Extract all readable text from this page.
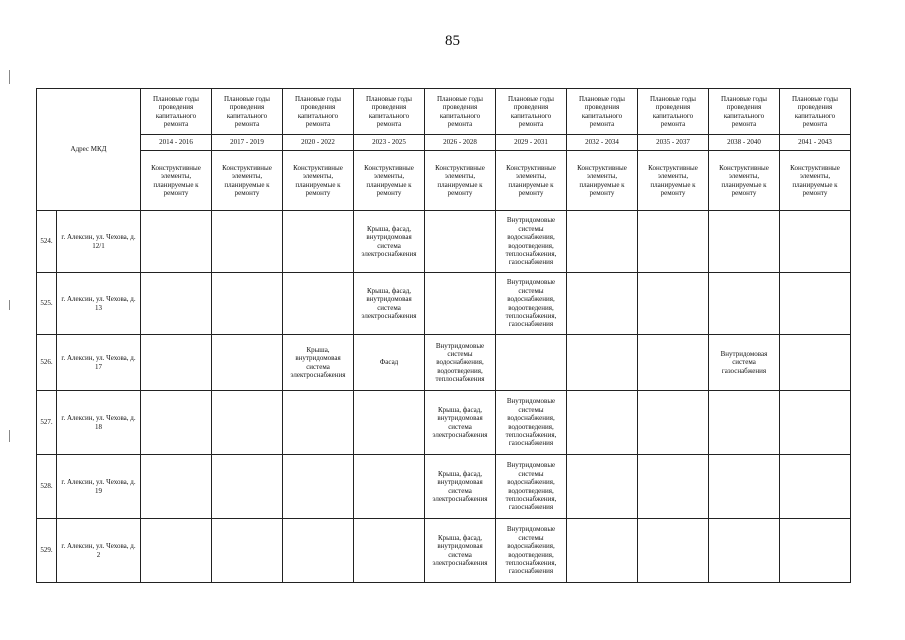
85
Адрес МКД		Плановые годы проведения капитального ремонта	Плановые годы проведения капитального ремонта	Плановые годы проведения капитального ремонта	Плановые годы проведения капитального ремонта	Плановые годы проведения капитального ремонта	Плановые годы проведения капитального ремонта	Плановые годы проведения капитального ремонта	Плановые годы проведения капитального ремонта	Плановые годы проведения капитального ремонта	Плановые годы проведения капитального ремонта
		2014 - 2016	2017 - 2019	2020 - 2022	2023 - 2025	2026 - 2028	2029 - 2031	2032 - 2034	2035 - 2037	2038 - 2040	2041 - 2043
		Конструктивные элементы, планируемые к ремонту	Конструктивные элементы, планируемые к ремонту	Конструктивные элементы, планируемые к ремонту	Конструктивные элементы, планируемые к ремонту	Конструктивные элементы, планируемые к ремонту	Конструктивные элементы, планируемые к ремонту	Конструктивные элементы, планируемые к ремонту	Конструктивные элементы, планируемые к ремонту	Конструктивные элементы, планируемые к ремонту	Конструктивные элементы, планируемые к ремонту
524.	г. Алексин, ул. Чехова, д. 12/1				Крыша, фасад, внутридомовая система электроснабжения		Внутридомовые системы водоснабжения, водоотведения, теплоснабжения, газоснабжения				
525.	г. Алексин, ул. Чехова, д. 13				Крыша, фасад, внутридомовая система электроснабжения		Внутридомовые системы водоснабжения, водоотведения, теплоснабжения, газоснабжения				
526.	г. Алексин, ул. Чехова, д. 17			Крыша, внутридомовая система электроснабжения	Фасад	Внутридомовые системы водоснабжения, водоотведения, теплоснабжения				Внутридомовая система газоснабжения	
527.	г. Алексин, ул. Чехова, д. 18					Крыша, фасад, внутридомовая система электроснабжения	Внутридомовые системы водоснабжения, водоотведения, теплоснабжения, газоснабжения				
528.	г. Алексин, ул. Чехова, д. 19					Крыша, фасад, внутридомовая система электроснабжения	Внутридомовые системы водоснабжения, водоотведения, теплоснабжения, газоснабжения				
529.	г. Алексин, ул. Чехова, д. 2					Крыша, фасад, внутридомовая система электроснабжения	Внутридомовые системы водоснабжения, водоотведения, теплоснабжения, газоснабжения				
